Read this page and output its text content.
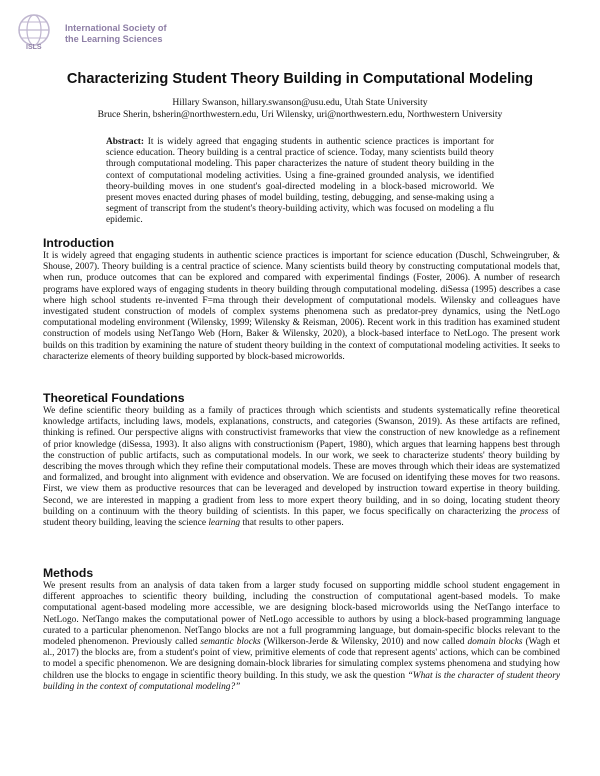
ISLS
International Society of
the Learning Sciences
Characterizing Student Theory Building in Computational Modeling
Hillary Swanson, hillary.swanson@usu.edu, Utah State University
Bruce Sherin, bsherin@northwestern.edu, Uri Wilensky, uri@northwestern.edu, Northwestern University
Abstract: It is widely agreed that engaging students in authentic science practices is important for science education. Theory building is a central practice of science. Today, many scientists build theory through computational modeling. This paper characterizes the nature of student theory building in the context of computational modeling activities. Using a fine-grained grounded analysis, we identified theory-building moves in one student's goal-directed modeling in a block-based microworld. We present moves enacted during phases of model building, testing, debugging, and sense-making using a segment of transcript from the student's theory-building activity, which was focused on modeling a flu epidemic.
Introduction

It is widely agreed that engaging students in authentic science practices is important for science education (Duschl, Schweingruber, & Shouse, 2007). Theory building is a central practice of science. Many scientists build theory by constructing computational models that, when run, produce outcomes that can be explored and compared with experimental findings (Foster, 2006). A number of research programs have explored ways of engaging students in theory building through computational modeling. diSessa (1995) describes a case where high school students re-invented F=ma through their development of computational models. Wilensky and colleagues have investigated student construction of models of complex systems phenomena such as predator-prey dynamics, using the NetLogo computational modeling environment (Wilensky, 1999; Wilensky & Reisman, 2006). Recent work in this tradition has examined student construction of models using NetTango Web (Horn, Baker & Wilensky, 2020), a block-based interface to NetLogo. The present work builds on this tradition by examining the nature of student theory building in the context of computational modeling activities. It seeks to characterize elements of theory building supported by block-based microworlds.

Theoretical Foundations

We define scientific theory building as a family of practices through which scientists and students systematically refine theoretical knowledge artifacts, including laws, models, explanations, constructs, and categories (Swanson, 2019). As these artifacts are refined, thinking is refined. Our perspective aligns with constructivist frameworks that view the construction of new knowledge as a refinement of prior knowledge (diSessa, 1993). It also aligns with constructionism (Papert, 1980), which argues that learning happens best through the construction of public artifacts, such as computational models. In our work, we seek to characterize students' theory building by describing the moves through which they refine their computational models. These are moves through which their ideas are systematized and formalized, and brought into alignment with evidence and observation. We are focused on identifying these moves for two reasons. First, we view them as productive resources that can be leveraged and developed by instruction toward expertise in theory building. Second, we are interested in mapping a gradient from less to more expert theory building, and in so doing, locating student theory building on a continuum with the theory building of scientists. In this paper, we focus specifically on characterizing the process of student theory building, leaving the science learning that results to other papers.

Methods

We present results from an analysis of data taken from a larger study focused on supporting middle school student engagement in different approaches to scientific theory building, including the construction of computational agent-based models. To make computational agent-based modeling more accessible, we are designing block-based microworlds using the NetTango interface to NetLogo. NetTango makes the computational power of NetLogo accessible to authors by using a block-based programming language curated to a particular phenomenon. NetTango blocks are not a full programming language, but domain-specific blocks relevant to the modeled phenomenon. Previously called semantic blocks (Wilkerson-Jerde & Wilensky, 2010) and now called domain blocks (Wagh et al., 2017) the blocks are, from a student's point of view, primitive elements of code that represent agents' actions, which can be combined to model a specific phenomenon. We are designing domain-block libraries for simulating complex systems phenomena and studying how children use the blocks to engage in scientific theory building. In this study, we ask the question “What is the character of student theory building in the context of computational modeling?”
